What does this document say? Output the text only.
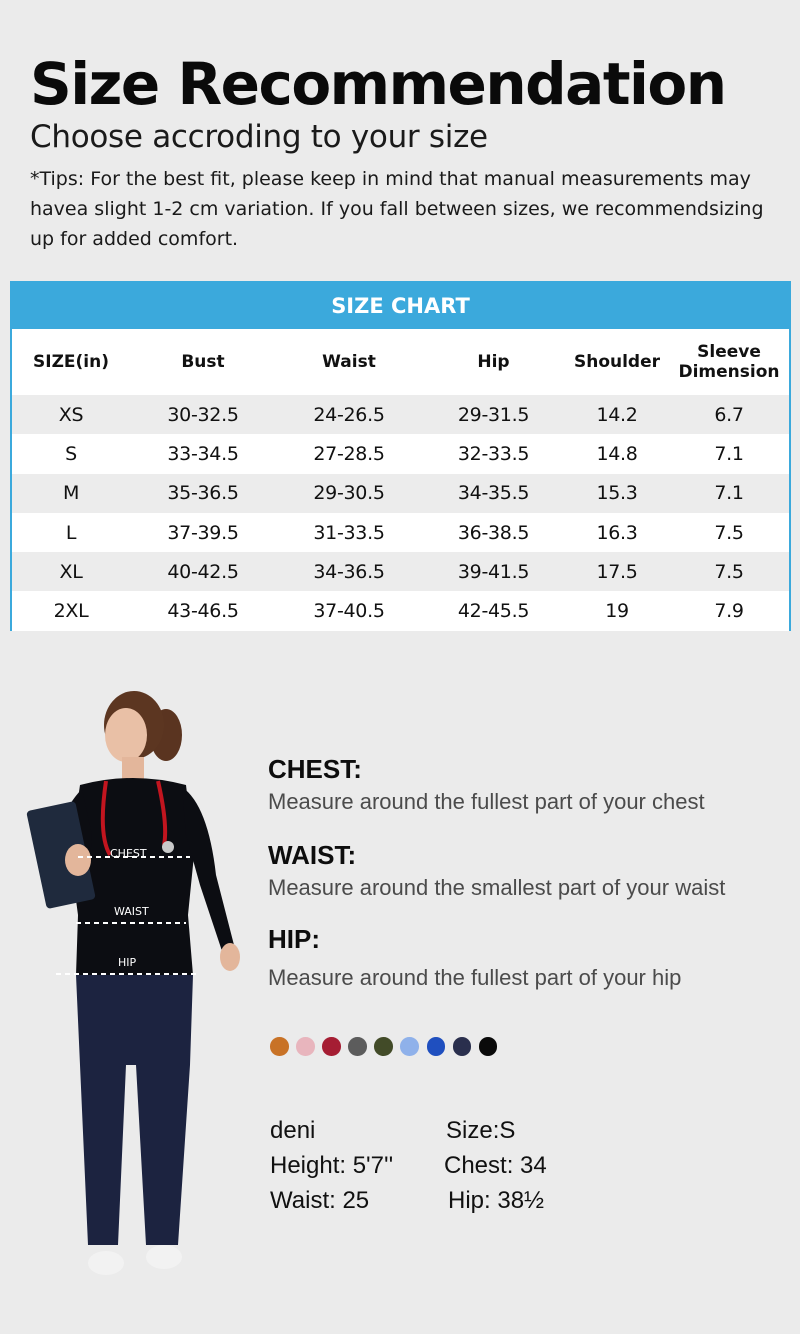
Size Recommendation
Choose accroding to your size
*Tips: For the best fit, please keep in mind that manual measurements may havea slight 1-2 cm variation. If you fall between sizes, we recommendsizing up for added comfort.
SIZE CHART
SIZE(in)	Bust	Waist	Hip	Shoulder	Sleeve Dimension
XS	30-32.5	24-26.5	29-31.5	14.2	6.7
S	33-34.5	27-28.5	32-33.5	14.8	7.1
M	35-36.5	29-30.5	34-35.5	15.3	7.1
L	37-39.5	31-33.5	36-38.5	16.3	7.5
XL	40-42.5	34-36.5	39-41.5	17.5	7.5
2XL	43-46.5	37-40.5	42-45.5	19	7.9
CHEST
WAIST
HIP
CHEST:
Measure around the fullest part of your chest
WAIST:
Measure around the smallest part of your waist
HIP:
Measure around the fullest part of your hip
deni	Size:S
Height: 5'7'' Chest: 34
Waist: 25	Hip: 38½
